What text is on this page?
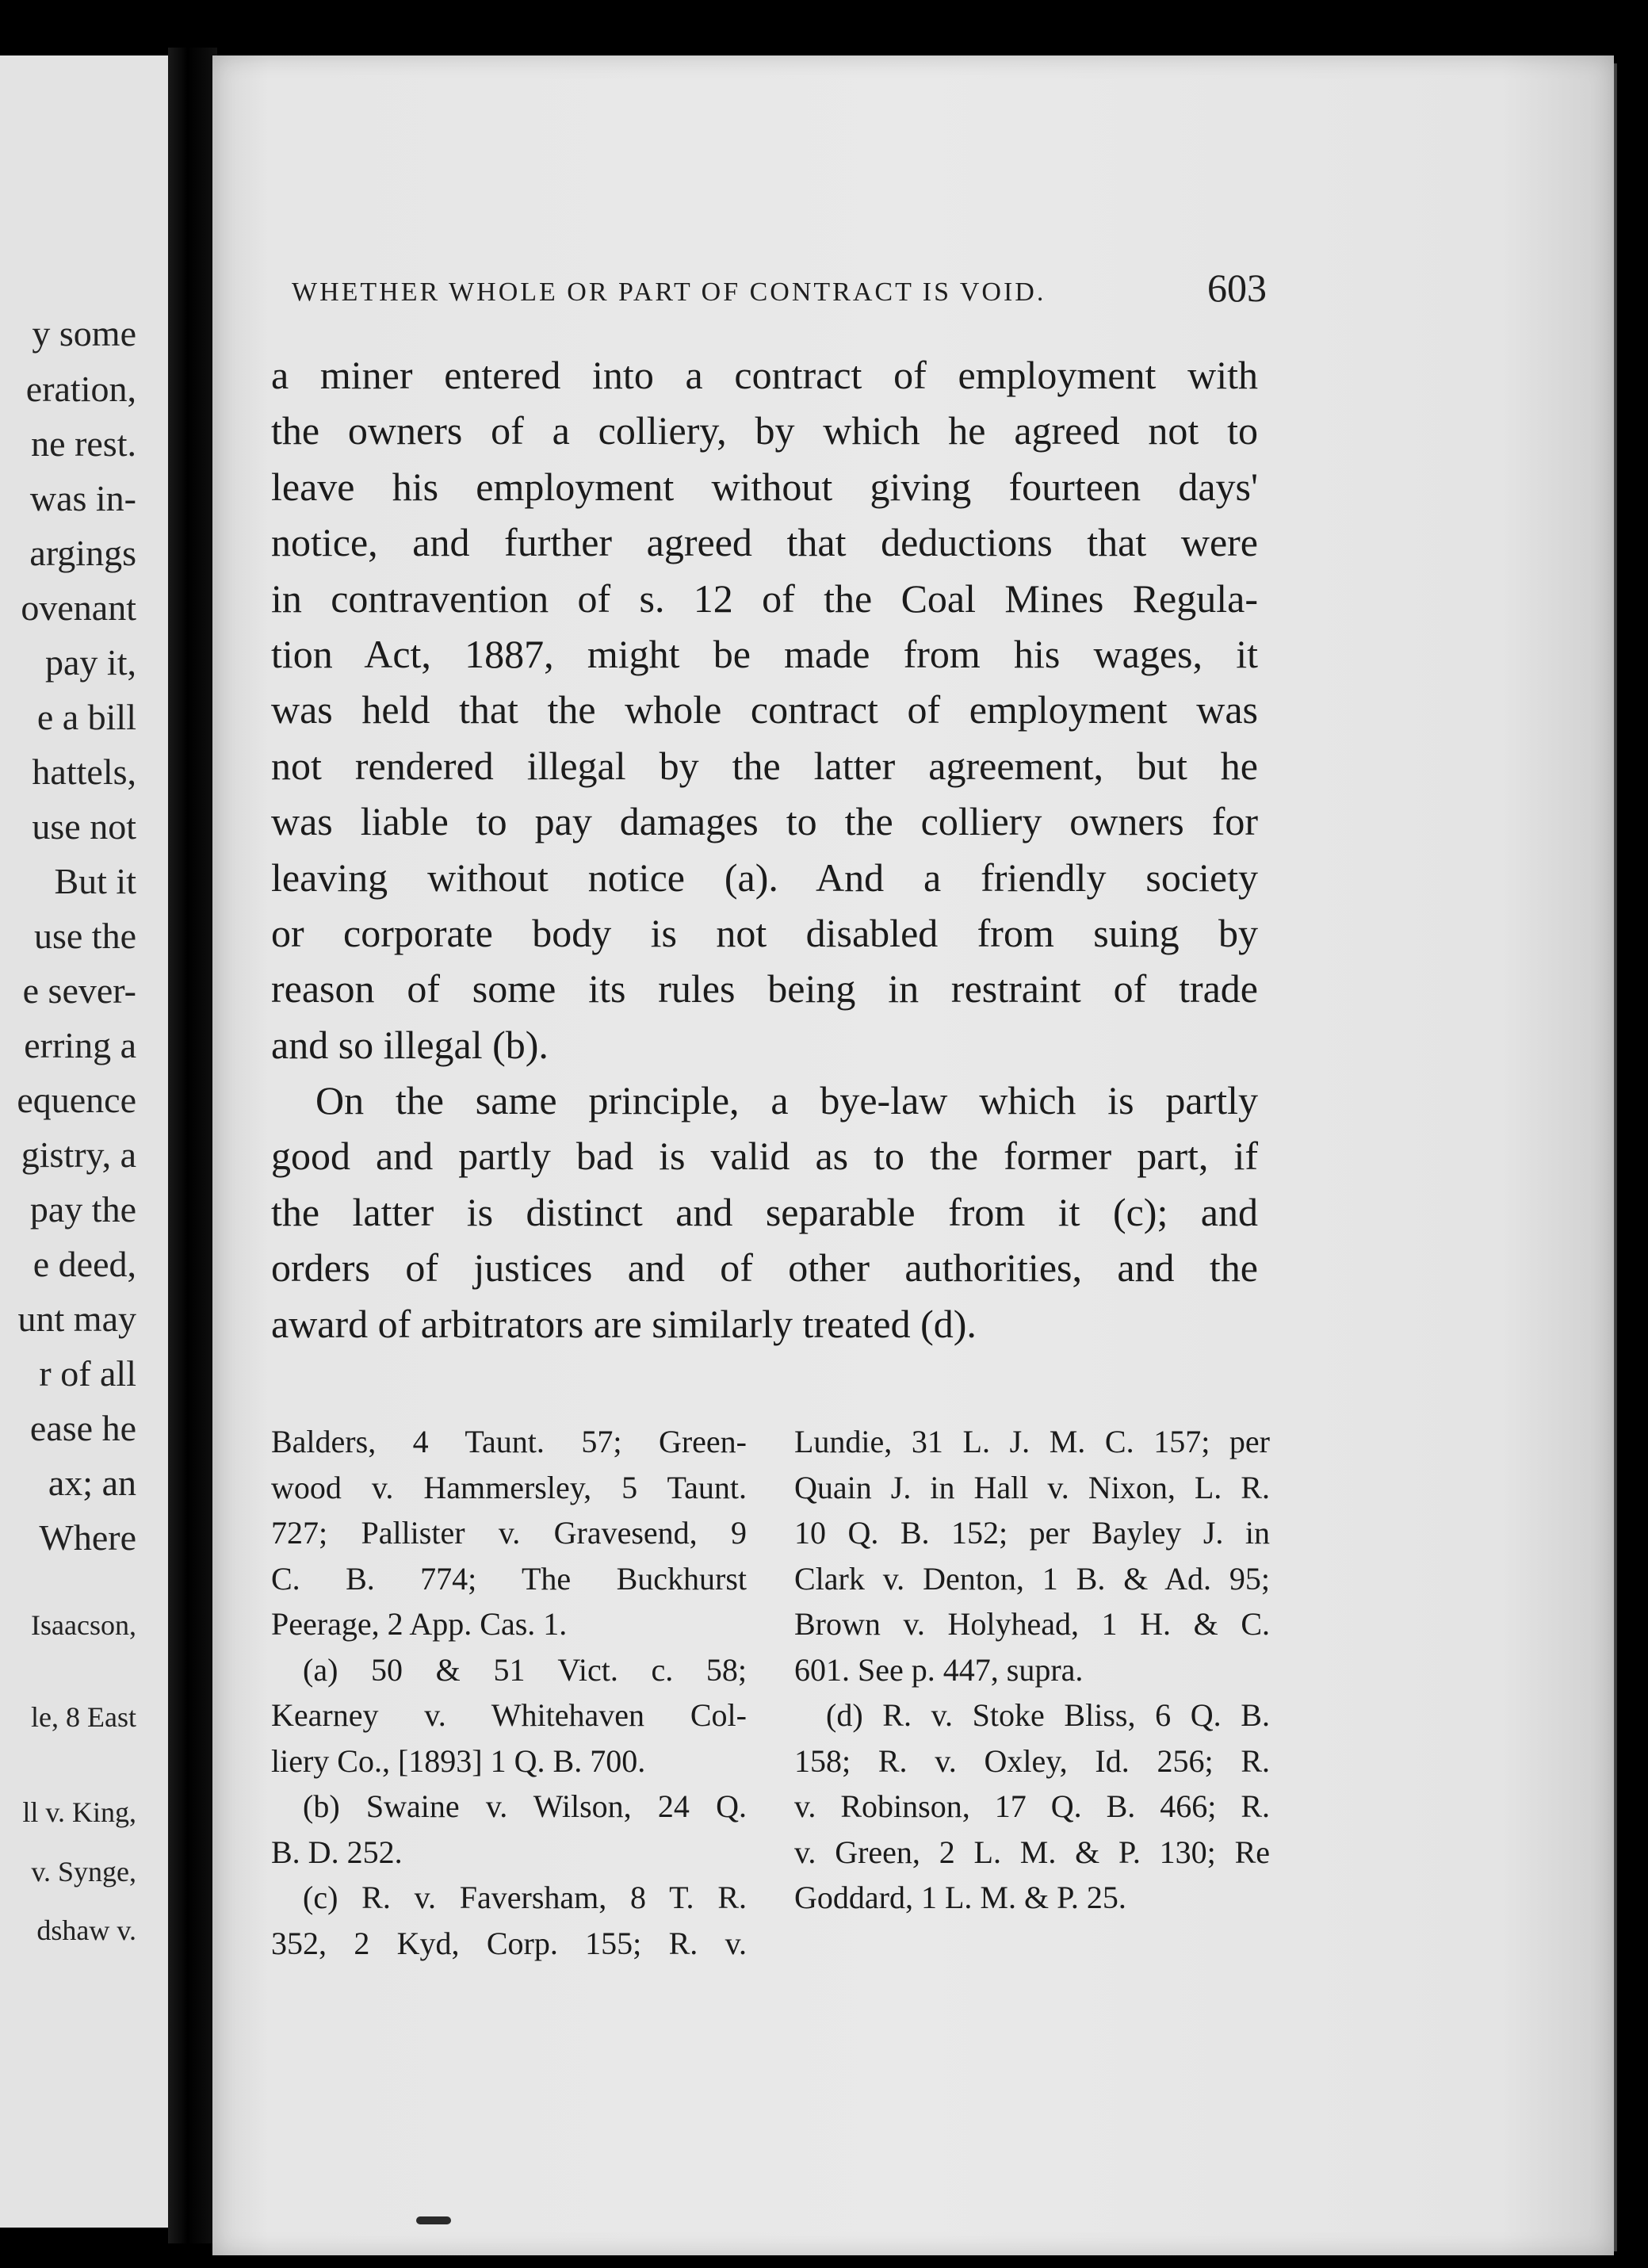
y some
eration,
ne rest.
was in-
argings
ovenant
pay it,
e a bill
hattels,
use not
But it
use the
e sever-
erring a
equence
gistry, a
pay the
e deed,
unt may
r of all
ease he
ax; an
Where
Isaacson,
le, 8 East
ll v. King,
v. Synge,
dshaw v.
WHETHER WHOLE OR PART OF CONTRACT IS VOID.	603
a miner entered into a contract of employment with
the owners of a colliery, by which he agreed not to
leave his employment without giving fourteen days'
notice, and further agreed that deductions that were
in contravention of s. 12 of the Coal Mines Regula-
tion Act, 1887, might be made from his wages, it
was held that the whole contract of employment was
not rendered illegal by the latter agreement, but he
was liable to pay damages to the colliery owners for
leaving without notice (a). And a friendly society
or corporate body is not disabled from suing by
reason of some its rules being in restraint of trade
and so illegal (b).
On the same principle, a bye-law which is partly
good and partly bad is valid as to the former part, if
the latter is distinct and separable from it (c); and
orders of justices and of other authorities, and the
award of arbitrators are similarly treated (d).
Balders, 4 Taunt. 57; Green-
wood v. Hammersley, 5 Taunt.
727; Pallister v. Gravesend, 9
C. B. 774; The Buckhurst
Peerage, 2 App. Cas. 1.
(a) 50 & 51 Vict. c. 58;
Kearney v. Whitehaven Col-
liery Co., [1893] 1 Q. B. 700.
(b) Swaine v. Wilson, 24 Q.
B. D. 252.
(c) R. v. Faversham, 8 T. R.
352, 2 Kyd, Corp. 155; R. v.
Lundie, 31 L. J. M. C. 157; per
Quain J. in Hall v. Nixon, L. R.
10 Q. B. 152; per Bayley J. in
Clark v. Denton, 1 B. & Ad. 95;
Brown v. Holyhead, 1 H. & C.
601. See p. 447, supra.
(d) R. v. Stoke Bliss, 6 Q. B.
158; R. v. Oxley, Id. 256; R.
v. Robinson, 17 Q. B. 466; R.
v. Green, 2 L. M. & P. 130; Re
Goddard, 1 L. M. & P. 25.
